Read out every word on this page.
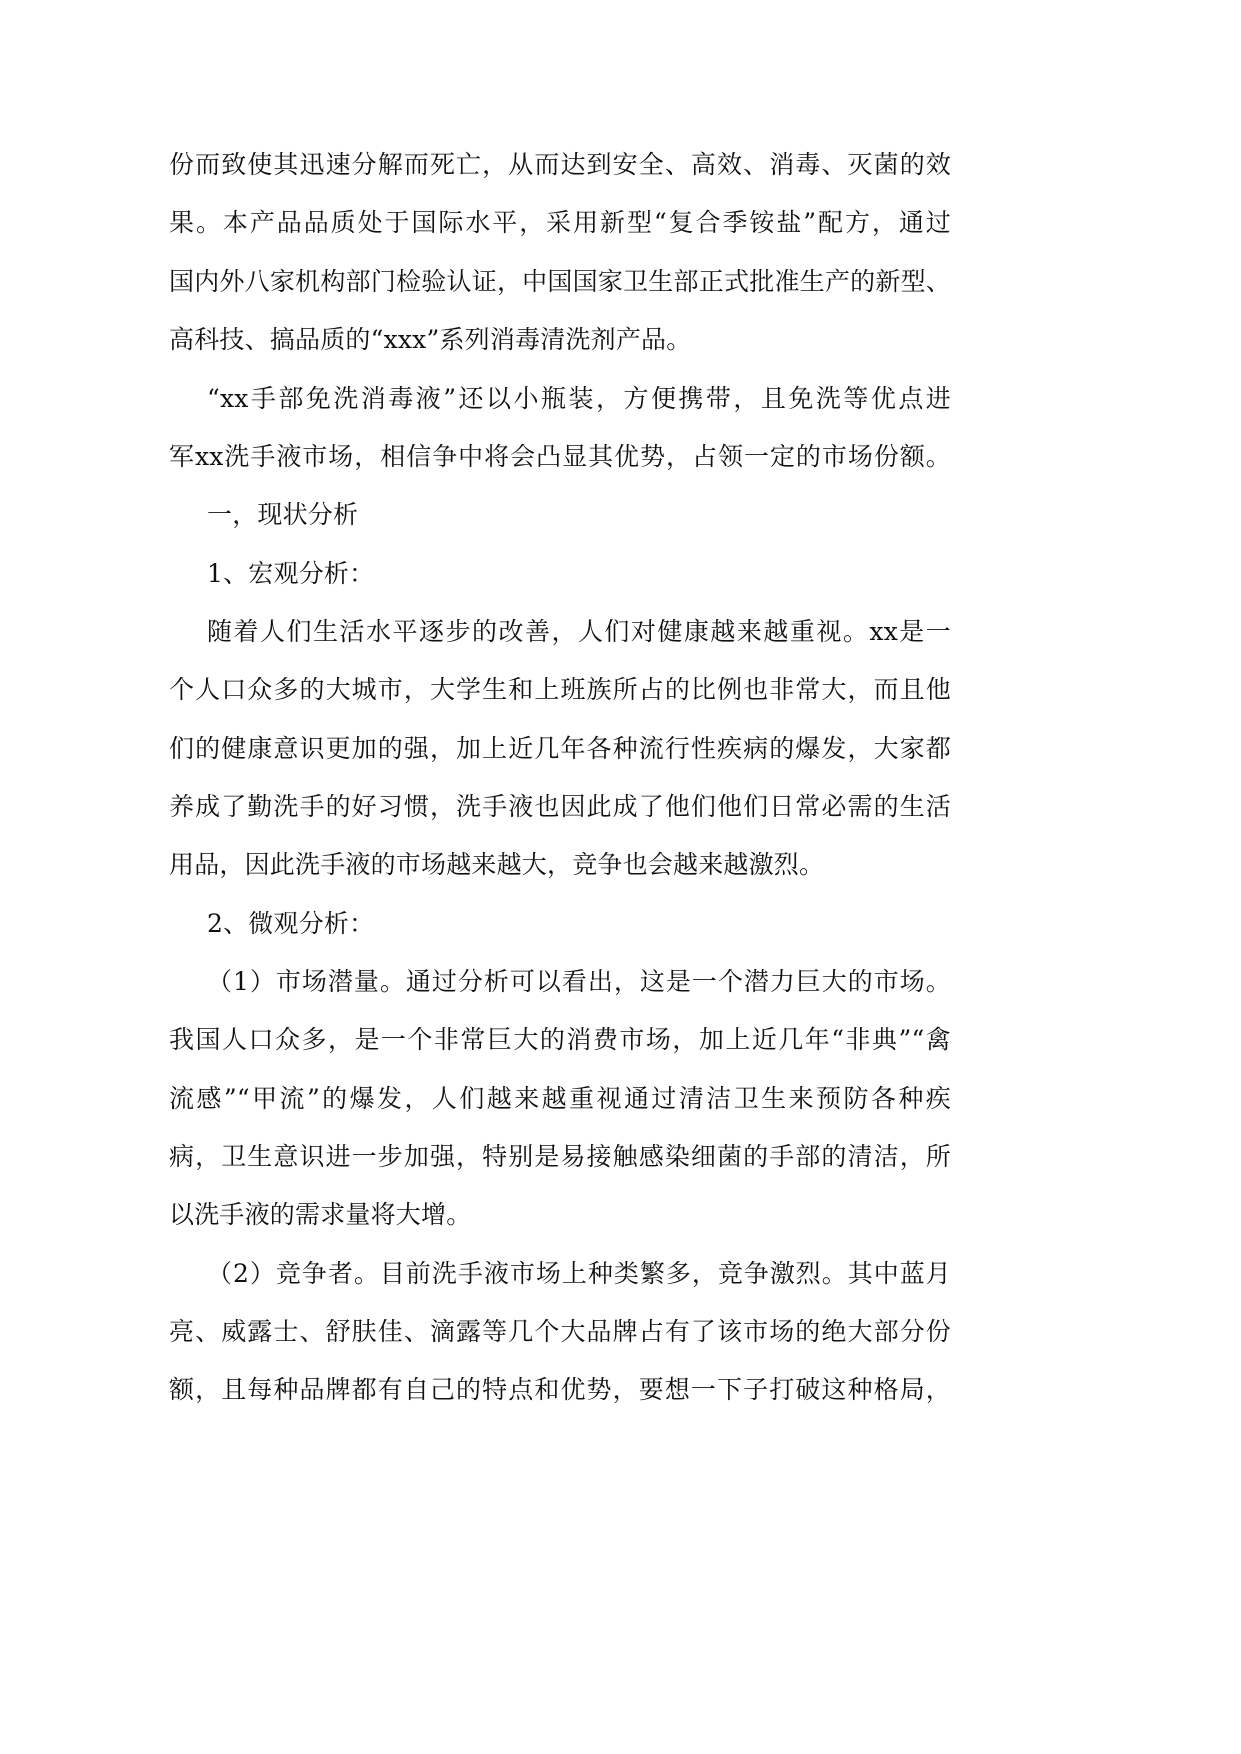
份而致使其迅速分解而死亡，从而达到安全、高效、消毒、灭菌的效
果。本产品品质处于国际水平，采用新型“复合季铵盐”配方，通过
国内外八家机构部门检验认证，中国国家卫生部正式批准生产的新型、
高科技、搞品质的“xxx”系列消毒清洗剂产品。
“xx手部免洗消毒液”还以小瓶装，方便携带，且免洗等优点进
军xx洗手液市场，相信争中将会凸显其优势，占领一定的市场份额。
一，现状分析
1、宏观分析：
随着人们生活水平逐步的改善，人们对健康越来越重视。xx是一
个人口众多的大城市，大学生和上班族所占的比例也非常大，而且他
们的健康意识更加的强，加上近几年各种流行性疾病的爆发，大家都
养成了勤洗手的好习惯，洗手液也因此成了他们他们日常必需的生活
用品，因此洗手液的市场越来越大，竞争也会越来越激烈。
2、微观分析：
（1）市场潜量。通过分析可以看出，这是一个潜力巨大的市场。
我国人口众多，是一个非常巨大的消费市场，加上近几年“非典”“禽
流感”“甲流”的爆发，人们越来越重视通过清洁卫生来预防各种疾
病，卫生意识进一步加强，特别是易接触感染细菌的手部的清洁，所
以洗手液的需求量将大增。
（2）竞争者。目前洗手液市场上种类繁多，竞争激烈。其中蓝月
亮、威露士、舒肤佳、滴露等几个大品牌占有了该市场的绝大部分份
额，且每种品牌都有自己的特点和优势，要想一下子打破这种格局，
